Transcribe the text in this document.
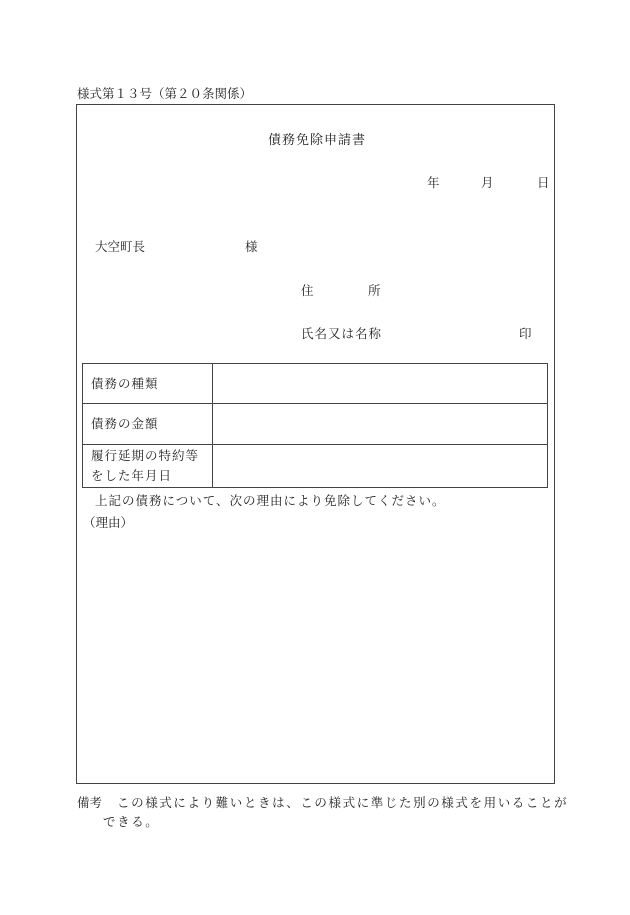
様式第１３号（第２０条関係）
債務免除申請書
年	月	日
大空町長	様
住	所
氏名又は名称	印
債務の種類	
債務の金額	
履行延期の特約等
をした年月日	
上記の債務について、次の理由により免除してください。
（理由）
備考 この様式により難いときは、この様式に準じた別の様式を用いることが
できる。
